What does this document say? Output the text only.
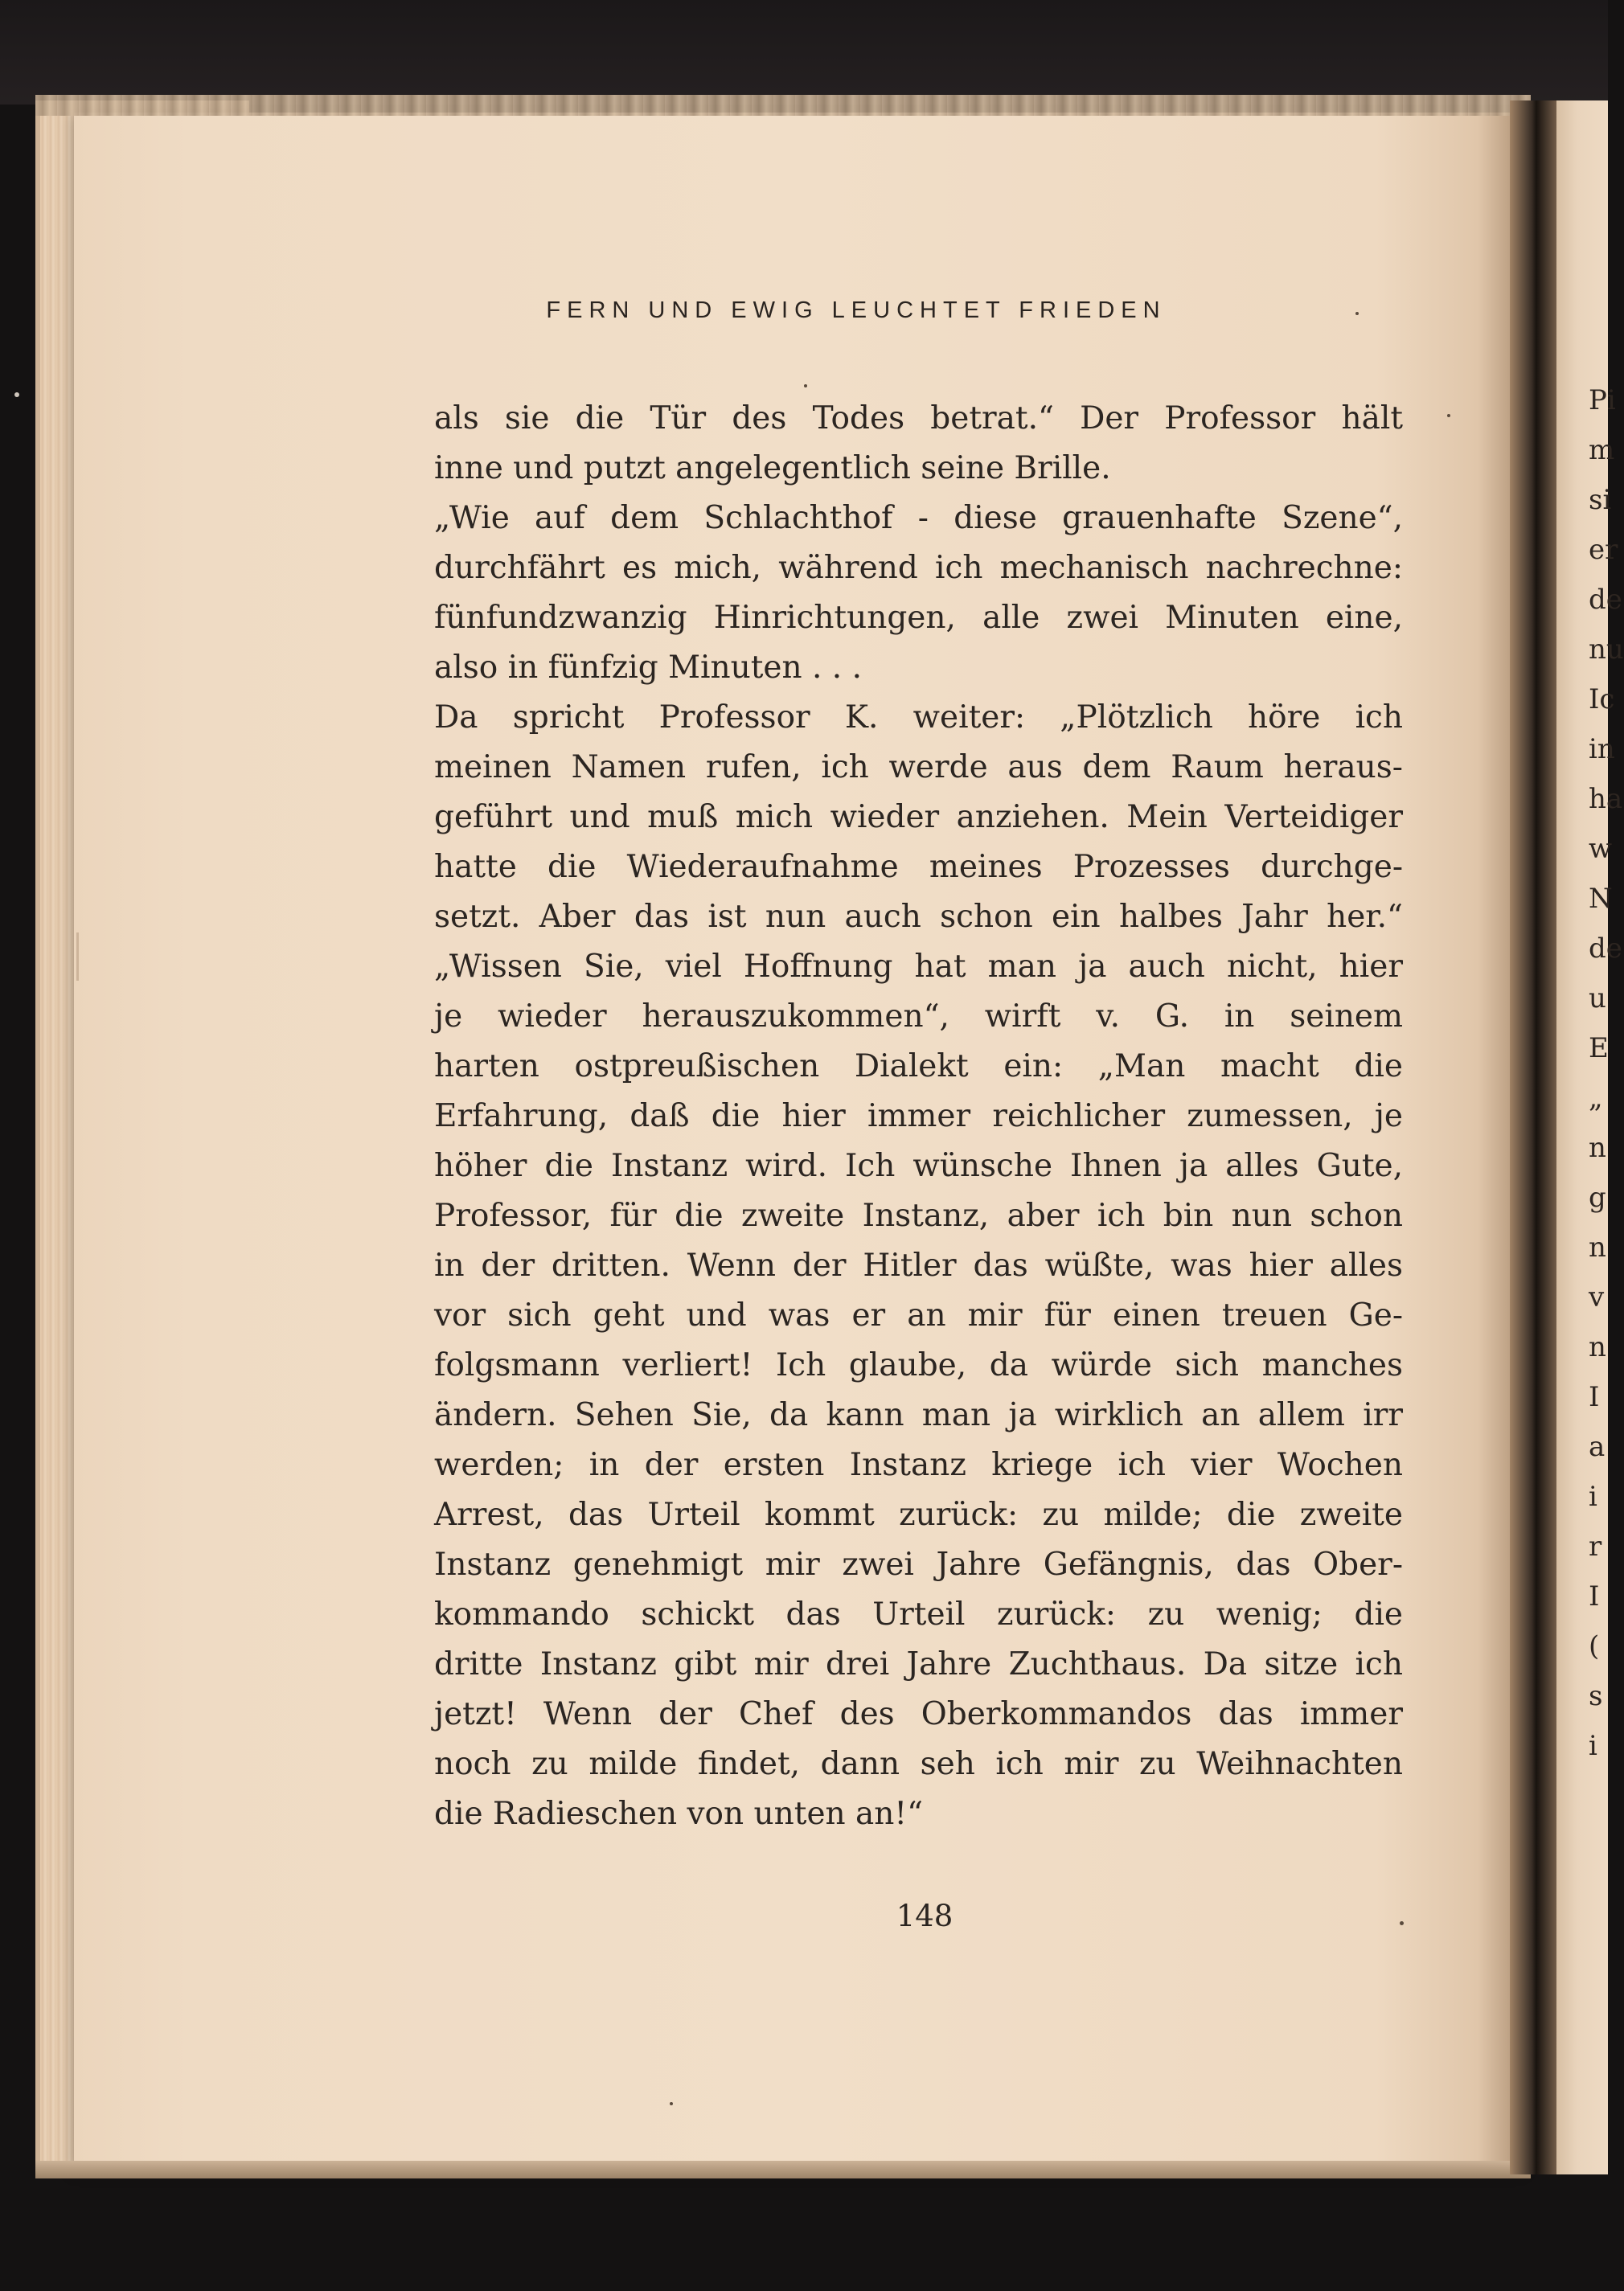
FERN UND EWIG LEUCHTET FRIEDEN
als sie die Tür des Todes betrat.“ Der Professor hält
inne und putzt angelegentlich seine Brille.
„Wie auf dem Schlachthof - diese grauenhafte Szene“,
durchfährt es mich, während ich mechanisch nachrechne:
fünfundzwanzig Hinrichtungen, alle zwei Minuten eine,
also in fünfzig Minuten . . .
Da spricht Professor K. weiter: „Plötzlich höre ich
meinen Namen rufen, ich werde aus dem Raum heraus-
geführt und muß mich wieder anziehen. Mein Verteidiger
hatte die Wiederaufnahme meines Prozesses durchge-
setzt. Aber das ist nun auch schon ein halbes Jahr her.“
„Wissen Sie, viel Hoffnung hat man ja auch nicht, hier
je wieder herauszukommen“, wirft v. G. in seinem
harten ostpreußischen Dialekt ein: „Man macht die
Erfahrung, daß die hier immer reichlicher zumessen, je
höher die Instanz wird. Ich wünsche Ihnen ja alles Gute,
Professor, für die zweite Instanz, aber ich bin nun schon
in der dritten. Wenn der Hitler das wüßte, was hier alles
vor sich geht und was er an mir für einen treuen Ge-
folgsmann verliert! Ich glaube, da würde sich manches
ändern. Sehen Sie, da kann man ja wirklich an allem irr
werden; in der ersten Instanz kriege ich vier Wochen
Arrest, das Urteil kommt zurück: zu milde; die zweite
Instanz genehmigt mir zwei Jahre Gefängnis, das Ober-
kommando schickt das Urteil zurück: zu wenig; die
dritte Instanz gibt mir drei Jahre Zuchthaus. Da sitze ich
jetzt! Wenn der Chef des Oberkommandos das immer
noch zu milde findet, dann seh ich mir zu Weihnachten
die Radieschen von unten an!“
148
Pi
m
si
er
de
nu
Ic
in
ha
w
N
de
u
E
„
n
g
n
v
n
I
a
i
r
I
(
s
i
